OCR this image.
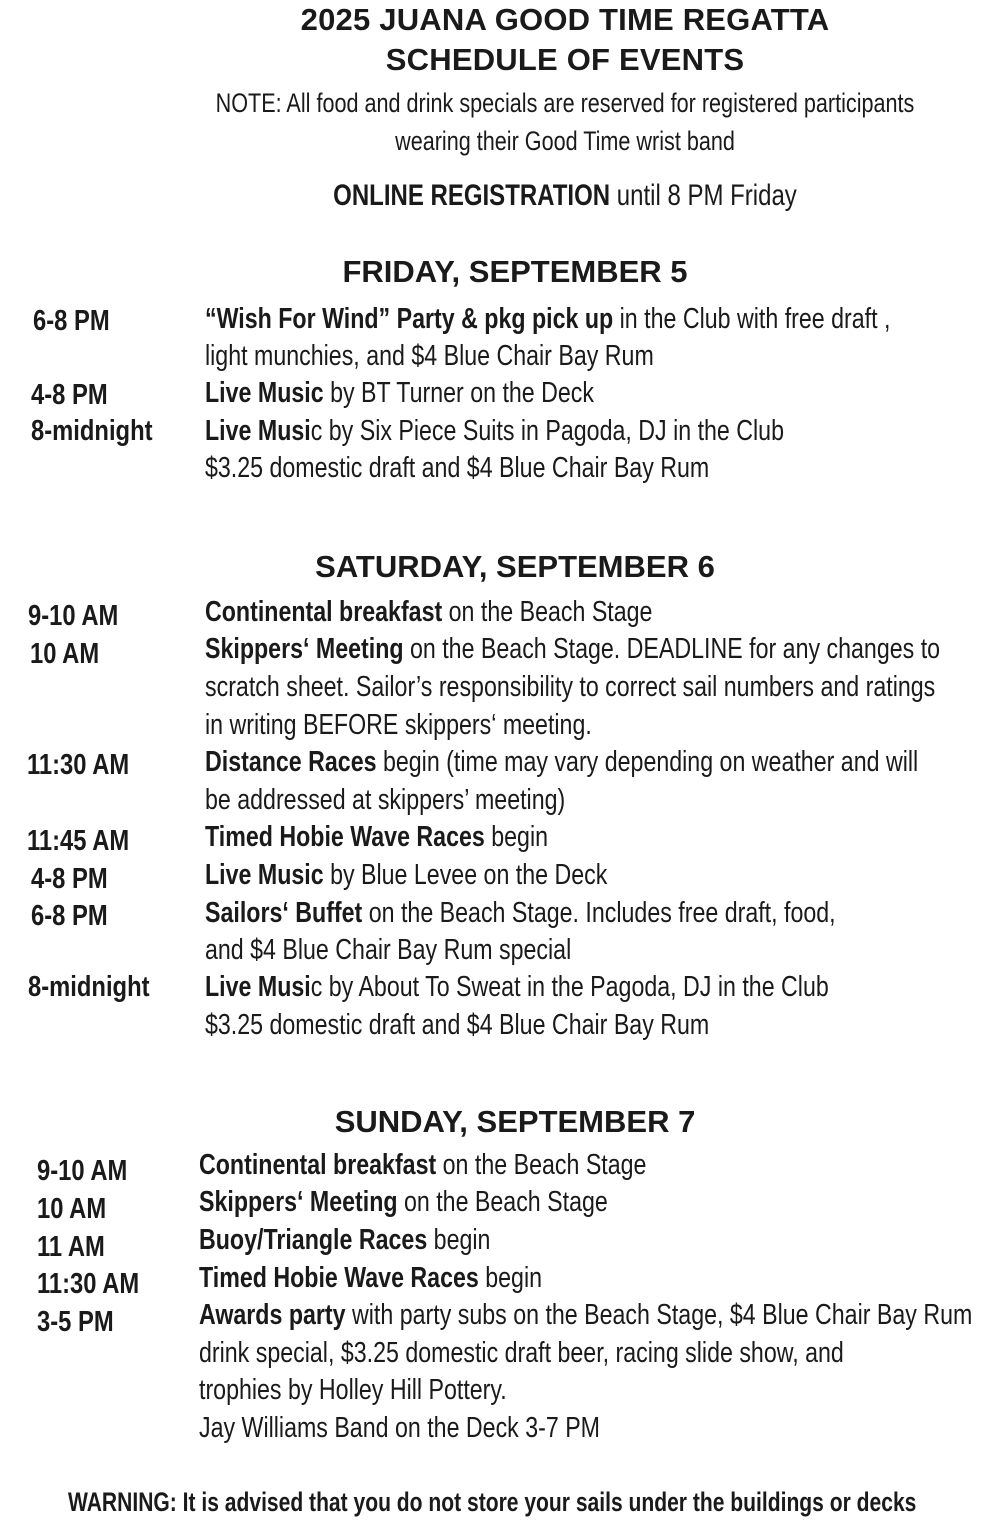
2025 JUANA GOOD TIME REGATTA
SCHEDULE OF EVENTS
NOTE: All food and drink specials are reserved for registered participants
wearing their Good Time wrist band
ONLINE REGISTRATION until 8 PM Friday
FRIDAY, SEPTEMBER 5
6-8 PM	“Wish For Wind” Party & pkg pick up in the Club with free draft ,
light munchies, and $4 Blue Chair Bay Rum
4-8 PM	Live Music by BT Turner on the Deck
8-midnight Live Music by Six Piece Suits in Pagoda, DJ in the Club
$3.25 domestic draft and $4 Blue Chair Bay Rum
SATURDAY, SEPTEMBER 6
9-10 AM	Continental breakfast on the Beach Stage
10 AM	Skippers‘ Meeting on the Beach Stage. DEADLINE for any changes to
scratch sheet. Sailor’s responsibility to correct sail numbers and ratings
in writing BEFORE skippers‘ meeting.
11:30 AM	Distance Races begin (time may vary depending on weather and will
be addressed at skippers’ meeting)
11:45 AM	Timed Hobie Wave Races begin
4-8 PM	Live Music by Blue Levee on the Deck
6-8 PM	Sailors‘ Buffet on the Beach Stage. Includes free draft, food,
and $4 Blue Chair Bay Rum special
8-midnight Live Music by About To Sweat in the Pagoda, DJ in the Club
$3.25 domestic draft and $4 Blue Chair Bay Rum
SUNDAY, SEPTEMBER 7
9-10 AM Continental breakfast on the Beach Stage
10 AM	Skippers‘ Meeting on the Beach Stage
11 AM	Buoy/Triangle Races begin
11:30 AM Timed Hobie Wave Races begin
3-5 PM	Awards party with party subs on the Beach Stage, $4 Blue Chair Bay Rum
drink special, $3.25 domestic draft beer, racing slide show, and
trophies by Holley Hill Pottery.
Jay Williams Band on the Deck 3-7 PM
WARNING: It is advised that you do not store your sails under the buildings or decks
